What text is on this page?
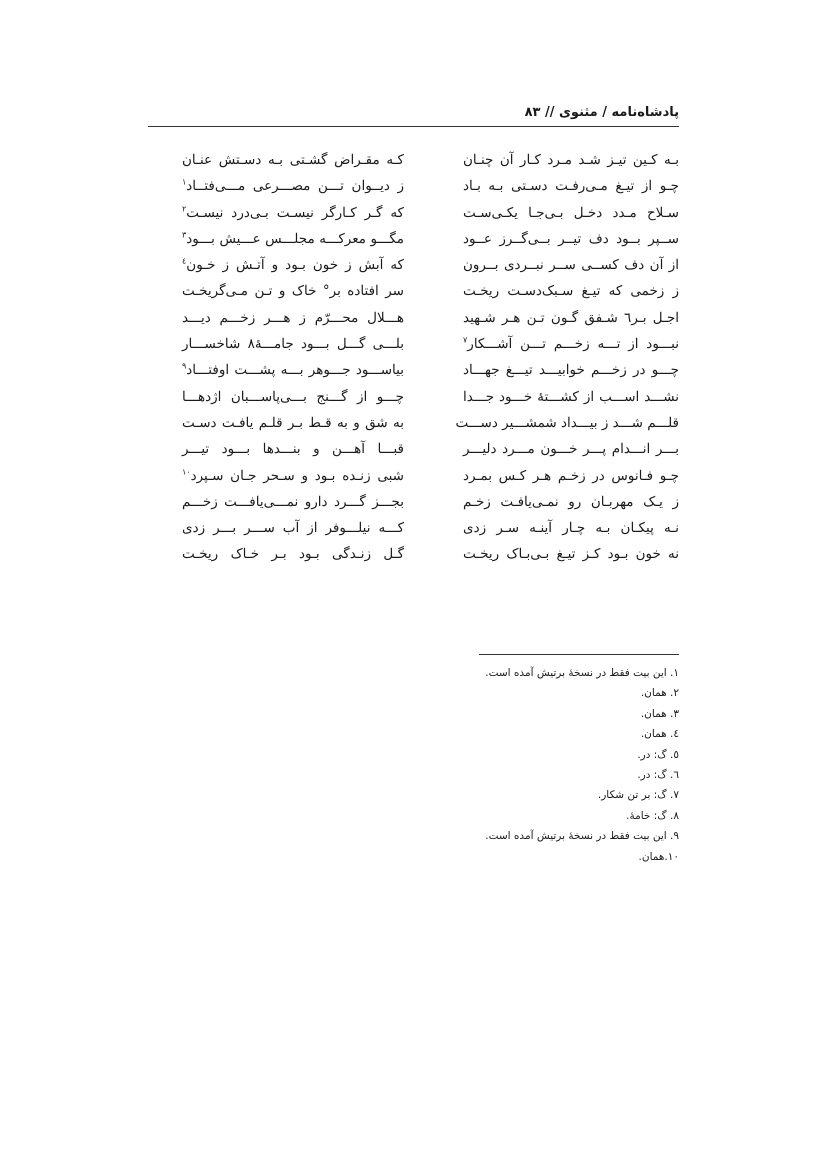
پادشاه‌نامه / مثنوی // ۸۳
بـه کـین تیـز شـد مـرد کـار آن چنـان
کـه مقـراض گشـتی بـه دسـتش عنـان
چـو از تیـغ مـی‌رفـت دسـتی بـه بـاد
ز دیــوان تـــن مصـــرعی مـــی‌فتــاد$^۱$
سـلاح مـدد دخـل بـی‌جـا یکـی‌سـت
که گـر کـارگر نیسـت بـی‌درد نیسـت$^۲$
ســپر بــود دف تیــر بــی‌گــرز عــود
مگـــو معرکـــه مجلـــس عـــیش بـــود$^۳$
از آن دف کســی ســر نبــردی بــرون
که آبش ز خون بـود و آتـش ز خـون$^٤$
ز زخمی که تیـغ سـبک‌دسـت ریخـت
سر افتاده بر⁧°⁩ خاک و تـن مـی‌گریخـت
اجـل بـر⁧٦⁩ شـفق گـون تـن هـر شـهید
هـــلال محـــرّم ز هـــر زخـــم دیـــد
نبـــود از تـــه زخـــم تـــن آشـــکار$^۷$
بلـــی گـــل بـــود جامـــهٔ⁧۸⁩ شاخســـار
چـــو در زخـــم خوابیـــد تیـــغ جهـــاد
بیاســـود جـــوهر بـــه پشـــت اوفتـــاد$^۹$
نشـــد اســـب از کشـــتهٔ خـــود جـــدا
چـــو از گـــنج بـــی‌پاســـبان اژدهـــا
قلـــم شـــد ز بیـــداد شمشـــیر دســـت
به شق و به قـط بـر قلـم یافـت دسـت
بـــر انـــدام پـــر خـــون مـــرد دلیـــر
قبـــا آهـــن و بنـــدها بـــود تیـــر
چـو فـانوس در زخـم هـر کـس بمـرد
شبی زنـده بـود و سـحر جـان سـپرد$^{۱۰}$
ز یـک مهربـان رو نمـی‌یافـت زخـم
بجـــز گـــرد دارو نمـــی‌یافـــت زخـــم
نـه پیکـان بـه چـار آینـه سـر زدی
کـــه نیلـــوفر از آب ســـر بـــر زدی
نه خون بـود کـز تیـغ بـی‌بـاک ریخـت
گـل زنـدگی بـود بـر خـاک ریخـت
١. این بیت فقط در نسخهٔ برتیش آمده است.
٢. همان.
٣. همان.
٤. همان.
٥. گ: در.
٦. گ: در.
٧. گ: بر تن شکار.
٨. گ: خامهٔ.
٩. این بیت فقط در نسخهٔ برتیش آمده است.
١٠.همان.
